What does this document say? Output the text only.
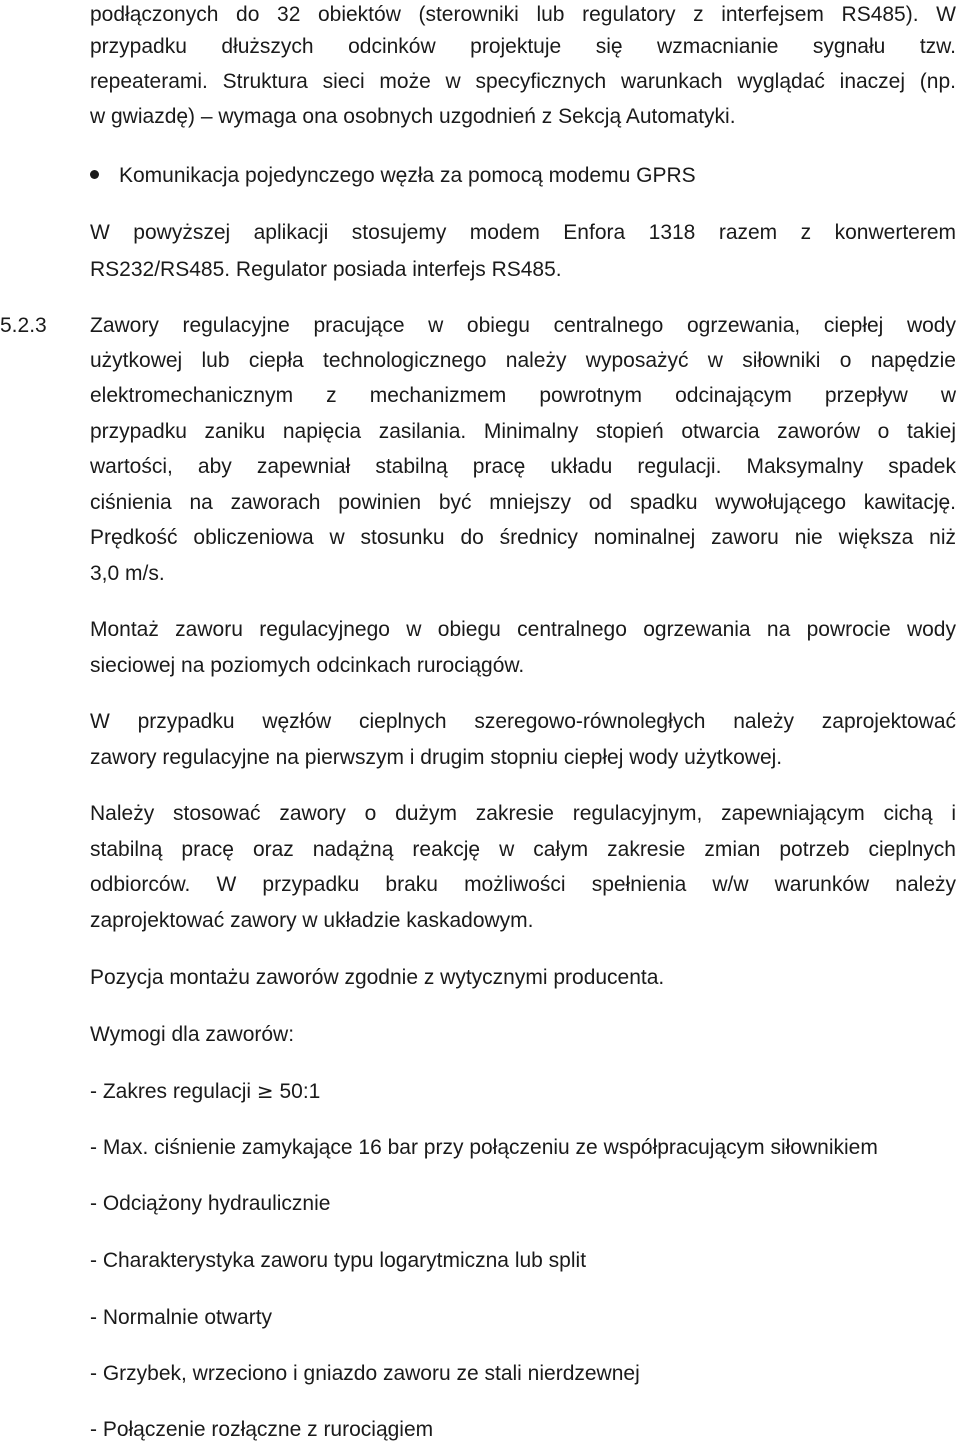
podłączonych do 32 obiektów (sterowniki lub regulatory z interfejsem RS485). W
przypadku dłuższych odcinków projektuje się wzmacnianie sygnału tzw.
repeaterami. Struktura sieci może w specyficznych warunkach wyglądać inaczej (np.
w gwiazdę) – wymaga ona osobnych uzgodnień z Sekcją Automatyki.
Komunikacja pojedynczego węzła za pomocą modemu GPRS
W powyższej aplikacji stosujemy modem Enfora 1318 razem z konwerterem
RS232/RS485. Regulator posiada interfejs RS485.
5.2.3 Zawory regulacyjne pracujące w obiegu centralnego ogrzewania, ciepłej wody
użytkowej lub ciepła technologicznego należy wyposażyć w siłowniki o napędzie
elektromechanicznym z mechanizmem powrotnym odcinającym przepływ w
przypadku zaniku napięcia zasilania. Minimalny stopień otwarcia zaworów o takiej
wartości, aby zapewniał stabilną pracę układu regulacji. Maksymalny spadek
ciśnienia na zaworach powinien być mniejszy od spadku wywołującego kawitację.
Prędkość obliczeniowa w stosunku do średnicy nominalnej zaworu nie większa niż
3,0 m/s.
Montaż zaworu regulacyjnego w obiegu centralnego ogrzewania na powrocie wody
sieciowej na poziomych odcinkach rurociągów.
W przypadku węzłów cieplnych szeregowo-równoległych należy zaprojektować
zawory regulacyjne na pierwszym i drugim stopniu ciepłej wody użytkowej.
Należy stosować zawory o dużym zakresie regulacyjnym, zapewniającym cichą i
stabilną pracę oraz nadążną reakcję w całym zakresie zmian potrzeb cieplnych
odbiorców. W przypadku braku możliwości spełnienia w/w warunków należy
zaprojektować zawory w układzie kaskadowym.
Pozycja montażu zaworów zgodnie z wytycznymi producenta.
Wymogi dla zaworów:
- Zakres regulacji ≥ 50:1
- Max. ciśnienie zamykające 16 bar przy połączeniu ze współpracującym siłownikiem
- Odciążony hydraulicznie
- Charakterystyka zaworu typu logarytmiczna lub split
- Normalnie otwarty
- Grzybek, wrzeciono i gniazdo zaworu ze stali nierdzewnej
- Połączenie rozłączne z rurociągiem
